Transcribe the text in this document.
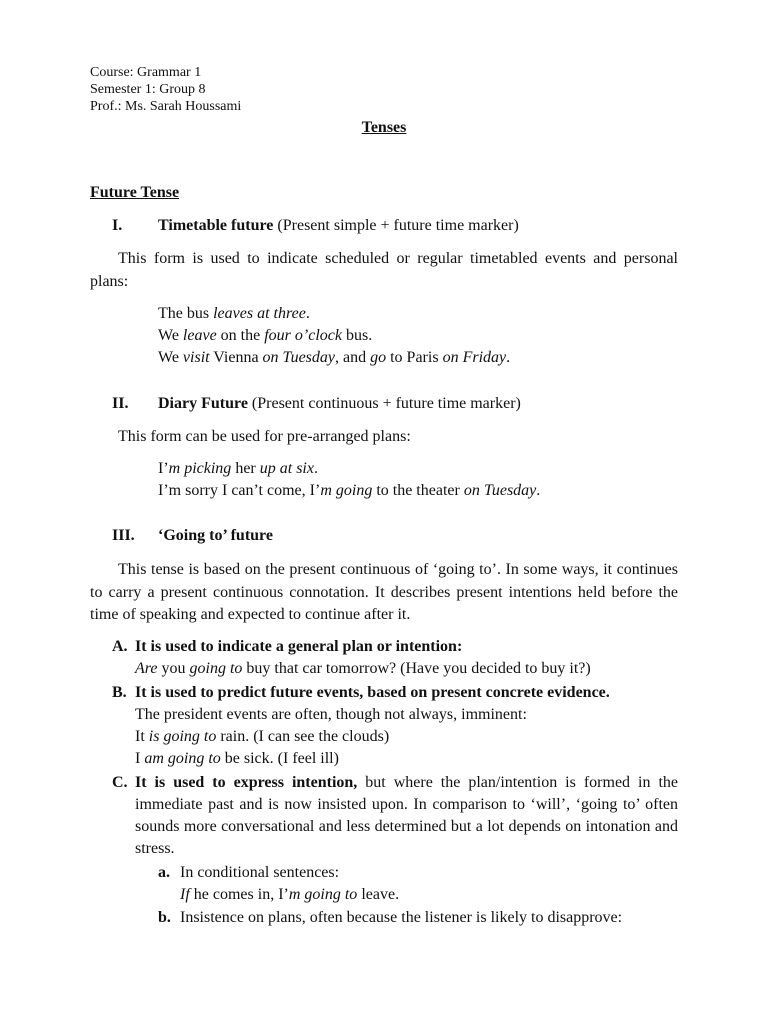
Course: Grammar 1
Semester 1: Group 8
Prof.: Ms. Sarah Houssami
Tenses
Future Tense
I. Timetable future (Present simple + future time marker)
This form is used to indicate scheduled or regular timetabled events and personal plans:
The bus leaves at three.
We leave on the four o’clock bus.
We visit Vienna on Tuesday, and go to Paris on Friday.
II. Diary Future (Present continuous + future time marker)
This form can be used for pre-arranged plans:
I’m picking her up at six.
I’m sorry I can’t come, I’m going to the theater on Tuesday.
III. ‘Going to’ future
This tense is based on the present continuous of ‘going to’. In some ways, it continues to carry a present continuous connotation. It describes present intentions held before the time of speaking and expected to continue after it.
A. It is used to indicate a general plan or intention:
Are you going to buy that car tomorrow? (Have you decided to buy it?)
B. It is used to predict future events, based on present concrete evidence.
The president events are often, though not always, imminent:
It is going to rain. (I can see the clouds)
I am going to be sick. (I feel ill)
C. It is used to express intention, but where the plan/intention is formed in the immediate past and is now insisted upon. In comparison to ‘will’, ‘going to’ often sounds more conversational and less determined but a lot depends on intonation and stress.
a. In conditional sentences:
If he comes in, I’m going to leave.
b. Insistence on plans, often because the listener is likely to disapprove:
